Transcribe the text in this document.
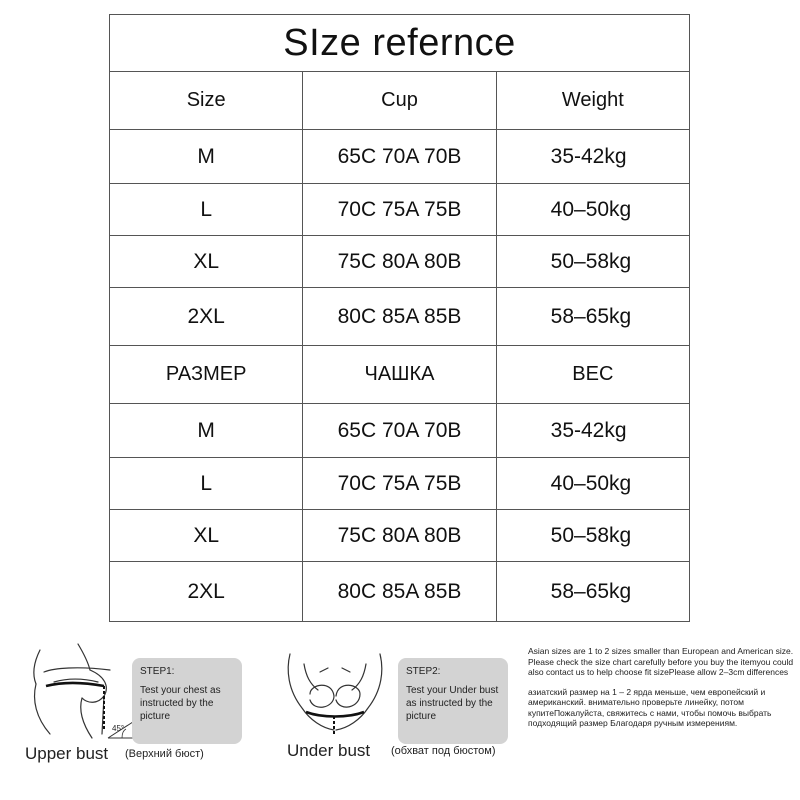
SIze refernce		
Size	Cup	Weight
M	65C 70A 70B	35-42kg
L	70C 75A 75B	40–50kg
XL	75C 80A 80B	50–58kg
2XL	80C 85A 85B	58–65kg
РАЗМЕР	ЧАШКА	ВЕС
M	65C 70A 70B	35-42kg
L	70C 75A 75B	40–50kg
XL	75C 80A 80B	50–58kg
2XL	80C 85A 85B	58–65kg
45°
STEP1:
Test your chest as instructed by the picture
Upper bust (Верхний бюст)
STEP2:
Test your Under bust as instructed by the picture
Under bust (обхват под бюстом)

Asian sizes are 1 to 2 sizes smaller than European and American size. Please check the size chart carefully before you buy the itemyou could also contact us to help choose fit sizePlease allow 2–3cm differences

азиатский размер на 1 – 2 ярда меньше, чем европейский и американский. внимательно проверьте линейку, потом купитеПожалуйста, свяжитесь с нами, чтобы помочь выбрать подходящий размер Благодаря ручным измерениям.
